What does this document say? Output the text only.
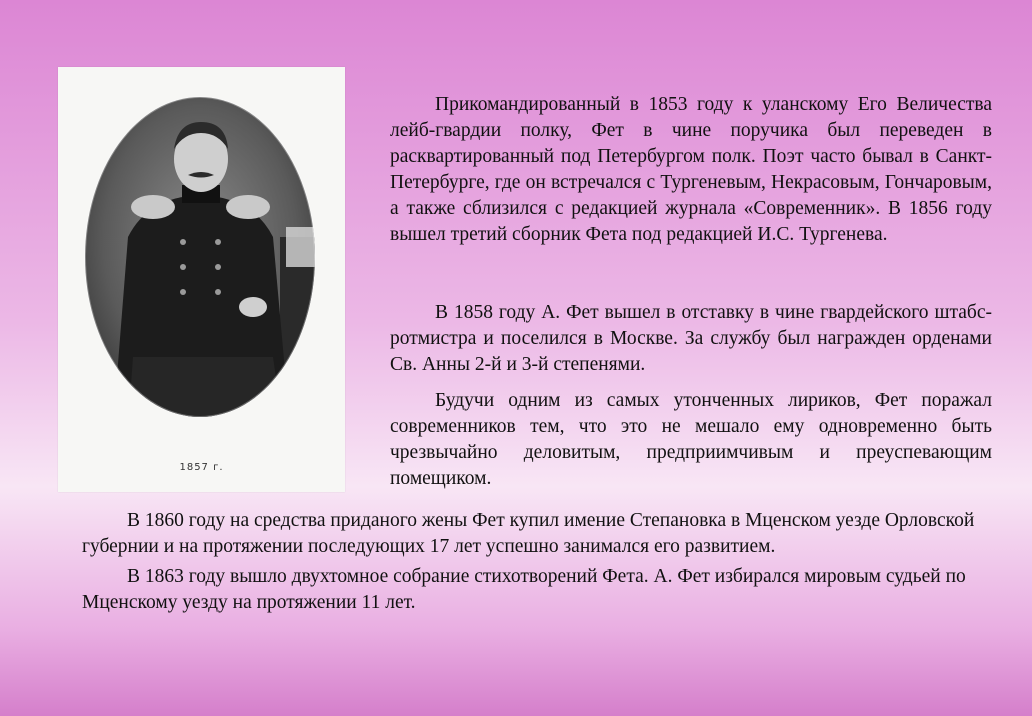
1857 г.

Прикомандированный в 1853 году к уланскому Его Величества лейб-гвардии полку, Фет в чине поручика был переведен в расквартированный под Петербургом полк. Поэт часто бывал в Санкт-Петербурге, где он встречался с Тургеневым, Некрасовым, Гончаровым, а также сблизился с редакцией журнала «Современник». В 1856 году вышел третий сборник Фета под редакцией И.С. Тургенева.

В 1858 году А. Фет вышел в отставку в чине гвардейского штабс-ротмистра и поселился в Москве. За службу был награжден орденами Св. Анны 2-й и 3-й степенями.

Будучи одним из самых утонченных лириков, Фет поражал современников тем, что это не мешало ему одновременно быть чрезвычайно деловитым, предприимчивым и преуспевающим помещиком.

В 1860 году на средства приданого жены Фет купил имение Степановка в Мценском уезде Орловской губернии и на протяжении последующих 17 лет успешно занимался его развитием.

В 1863 году вышло двухтомное собрание стихотворений Фета. А. Фет избирался мировым судьей по Мценскому уезду на протяжении 11 лет.
